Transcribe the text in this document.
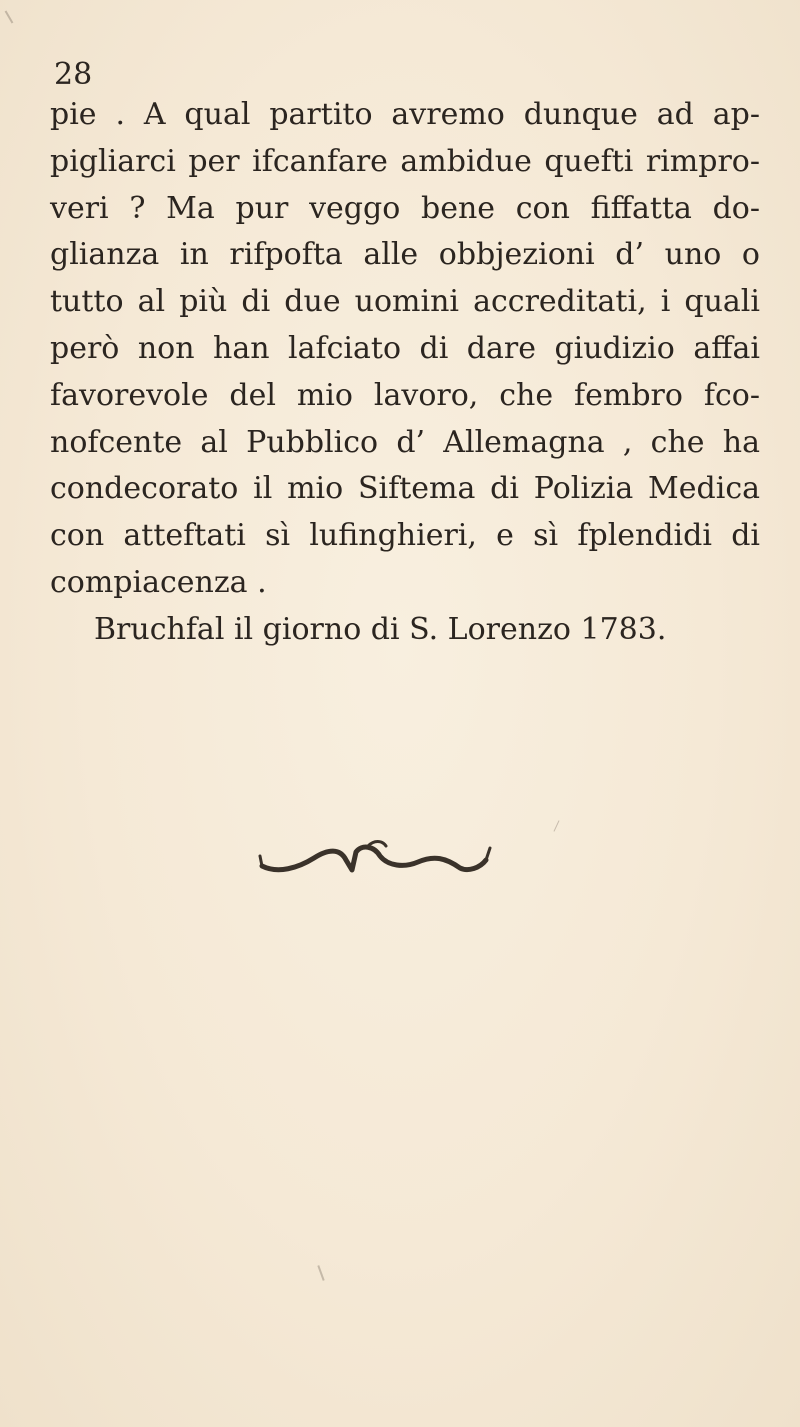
28
pie . A qual partito avremo dunque ad ap-
pigliarci per ifcanfare ambidue quefti rimpro-
veri ? Ma pur veggo bene con fiffatta do-
glianza in rifpofta alle obbjezioni d’ uno o
tutto al più di due uomini accreditati, i quali
però non han lafciato di dare giudizio affai
favorevole del mio lavoro, che fembro fco-
nofcente al Pubblico d’ Allemagna , che ha
condecorato il mio Siftema di Polizia Medica
con atteftati sì lufinghieri, e sì fplendidi di
compiacenza .
Bruchfal il giorno di S. Lorenzo 1783.
